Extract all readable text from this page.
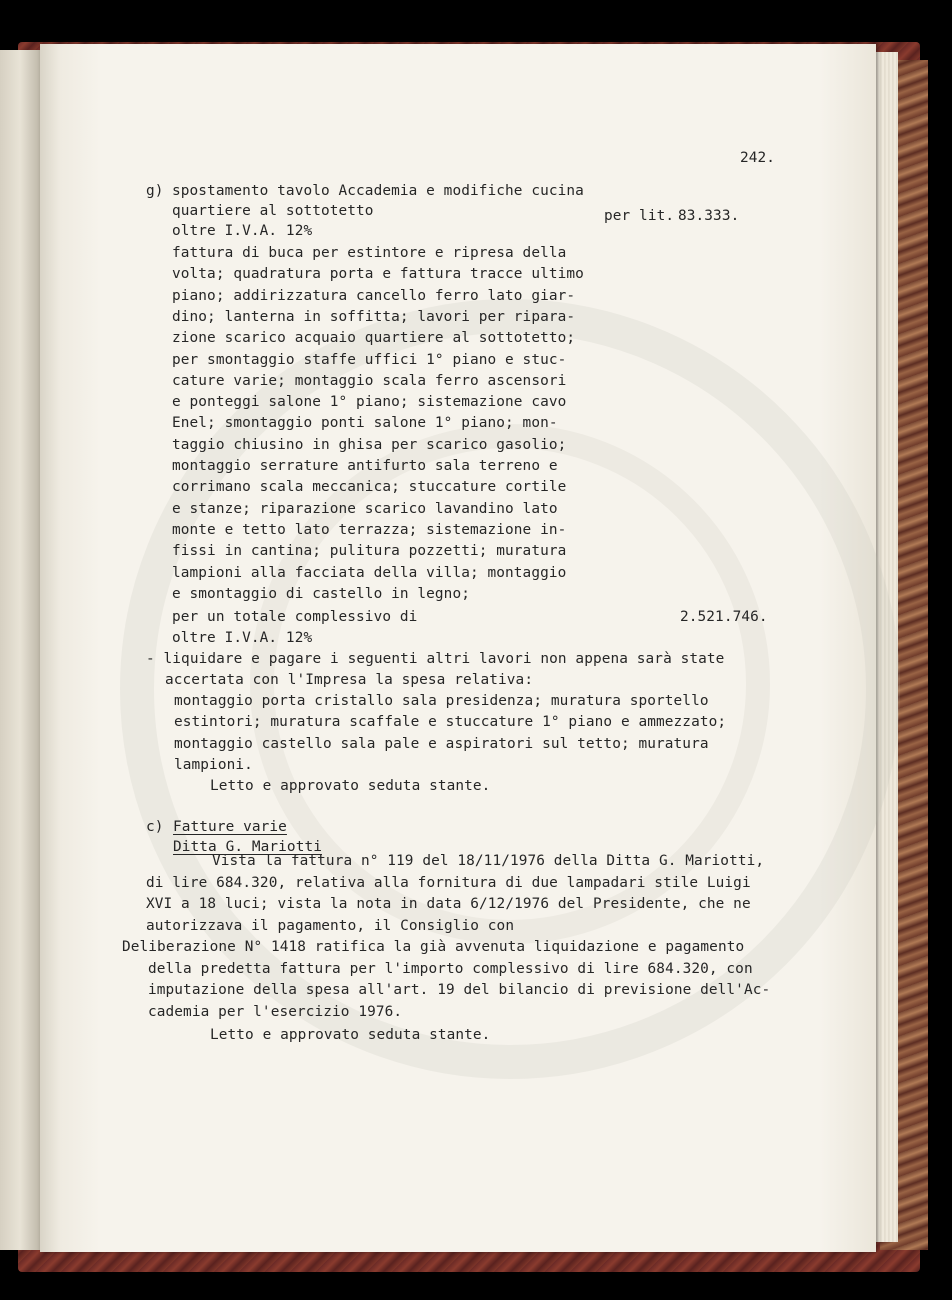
242.
g) spostamento tavolo Accademia e modifiche cucina
quartiere al sottotetto	per lit. 83.333.
oltre I.V.A. 12%
fattura di buca per estintore e ripresa della
volta; quadratura porta e fattura tracce ultimo
piano; addirizzatura cancello ferro lato giar-
dino; lanterna in soffitta; lavori per ripara-
zione scarico acquaio quartiere al sottotetto;
per smontaggio staffe uffici 1° piano e stuc-
cature varie; montaggio scala ferro ascensori
e ponteggi salone 1° piano; sistemazione cavo
Enel; smontaggio ponti salone 1° piano; mon-
taggio chiusino in ghisa per scarico gasolio;
montaggio serrature antifurto sala terreno e
corrimano scala meccanica; stuccature cortile
e stanze; riparazione scarico lavandino lato
monte e tetto lato terrazza; sistemazione in-
fissi in cantina; pulitura pozzetti; muratura
lampioni alla facciata della villa; montaggio
e smontaggio di castello in legno;
per un totale complessivo di	2.521.746.
oltre I.V.A. 12%
- liquidare e pagare i seguenti altri lavori non appena sarà state
accertata con l'Impresa la spesa relativa:
montaggio porta cristallo sala presidenza; muratura sportello
estintori; muratura scaffale e stuccature 1° piano e ammezzato;
montaggio castello sala pale e aspiratori sul tetto; muratura
lampioni.
Letto e approvato seduta stante.
c) Fatture varie
Ditta G. Mariotti
Vista la fattura n° 119 del 18/11/1976 della Ditta G. Mariotti,
di lire 684.320, relativa alla fornitura di due lampadari stile Luigi
XVI a 18 luci; vista la nota in data 6/12/1976 del Presidente, che ne
autorizzava il pagamento, il Consiglio con
Deliberazione N° 1418 ratifica la già avvenuta liquidazione e pagamento
della predetta fattura per l'importo complessivo di lire 684.320, con
imputazione della spesa all'art. 19 del bilancio di previsione dell'Ac-
cademia per l'esercizio 1976.
Letto e approvato seduta stante.
